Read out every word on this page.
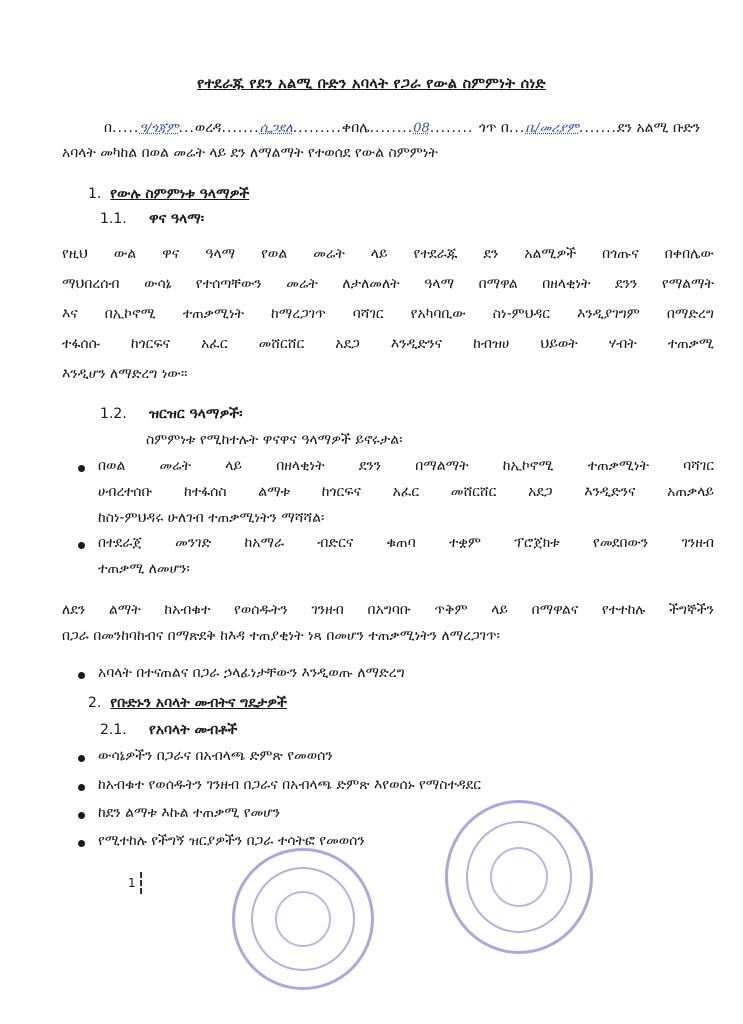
የተደራጁ የደን አልሚ ቡድን አባላት የጋራ የውል ስምምነት ሰነድ
በ.....ዓ/ጎጃም...ወረዳ.......ሲጋደለ.........ቀበሌ........08........ ጎጥ በ...ቤ/መሪያም.......ደን አልሚ ቡድን
አባላት መካከል በወል መሬት ላይ ደን ለማልማት የተወሰደ የውል ስምምነት
1. የውሉ ስምምነቱ ዓላማዎች
1.1. ዋና ዓላማ፡
የዚህ ውል ዋና ዓላማ የወል መሬት ላይ የተደራጁ ደን አልሚዎች በጎጡና በቀበሌው
ማህበረሰብ ውሳኔ የተሰጣቸውን መሬት ለታለመለት ዓላማ በማዋል በዘላቂነት ደንን የማልማት
እና በኢኮኖሚ ተጠቃሚነት ከማረጋገጥ ባሻገር የአካባቢው ስነ-ምህዳር እንዲያገግም በማድረግ
ተፋሰሱ ከጎርፍና አፈር መሸርሸር አደጋ እንዲድንና ከብዝሀ ህይወት ሃብት ተጠቃሚ
እንዲሆን ለማድረግ ነው፡፡
1.2. ዝርዝር ዓላማዎች፡
ስምምነቱ የሚከተሉት ዋናዋና ዓላማዎች ይኖሩታል፡
በወል መሬት ላይ በዘላቂነት ደንን በማልማት ከኢኮኖሚ ተጠቃሚነት ባሻገር
ሀብረተሰቡ ከተፋሰስ ልማቱ ከጎርፍና አፈር መሸርሸር አደጋ እንዲድንና አጠቃላይ
ከስነ-ምህዳሩ ሁለገብ ተጠቃሚነትን ማሻሻል፡
በተደራጀ መንገድ ከአማራ ብድርና ቁጠባ ተቋም ፕሮጀክቱ የመደበውን ገንዘብ
ተጠቃሚ ለመሆን፡
ለደን ልማት ከአብቁተ የወሰዱትን ገንዘብ በአግባቡ ጥቅም ላይ በማዋልና የተተከሉ ችግኞችን
በጋራ በመንከባከብና በማጽደቅ ከእዳ ተጠያቂነት ነጻ በመሆን ተጠቃሚነትን ለማረጋገጥ፡
አባላት በተናጠልና በጋራ ኃላፊነታቸውን እንዲወጡ ለማድረግ
2. የቡድኑን አባላት መብትና ግዴታዎች
2.1. የአባላት መብቶች
ውሳኔዎችን በጋራና በአብላጫ ድምጽ የመወሰን
ከአብቁተ የወሰዱትን ገንዘብ በጋራና በአብላጫ ድምጽ እየወሰኑ የማስተዳደር
ከደን ልማቱ እኩል ተጠቃሚ የመሆን
የሚተከሉ የችግኝ ዝርያዎችን በጋራ ተሳትፎ የመወሰን
1
